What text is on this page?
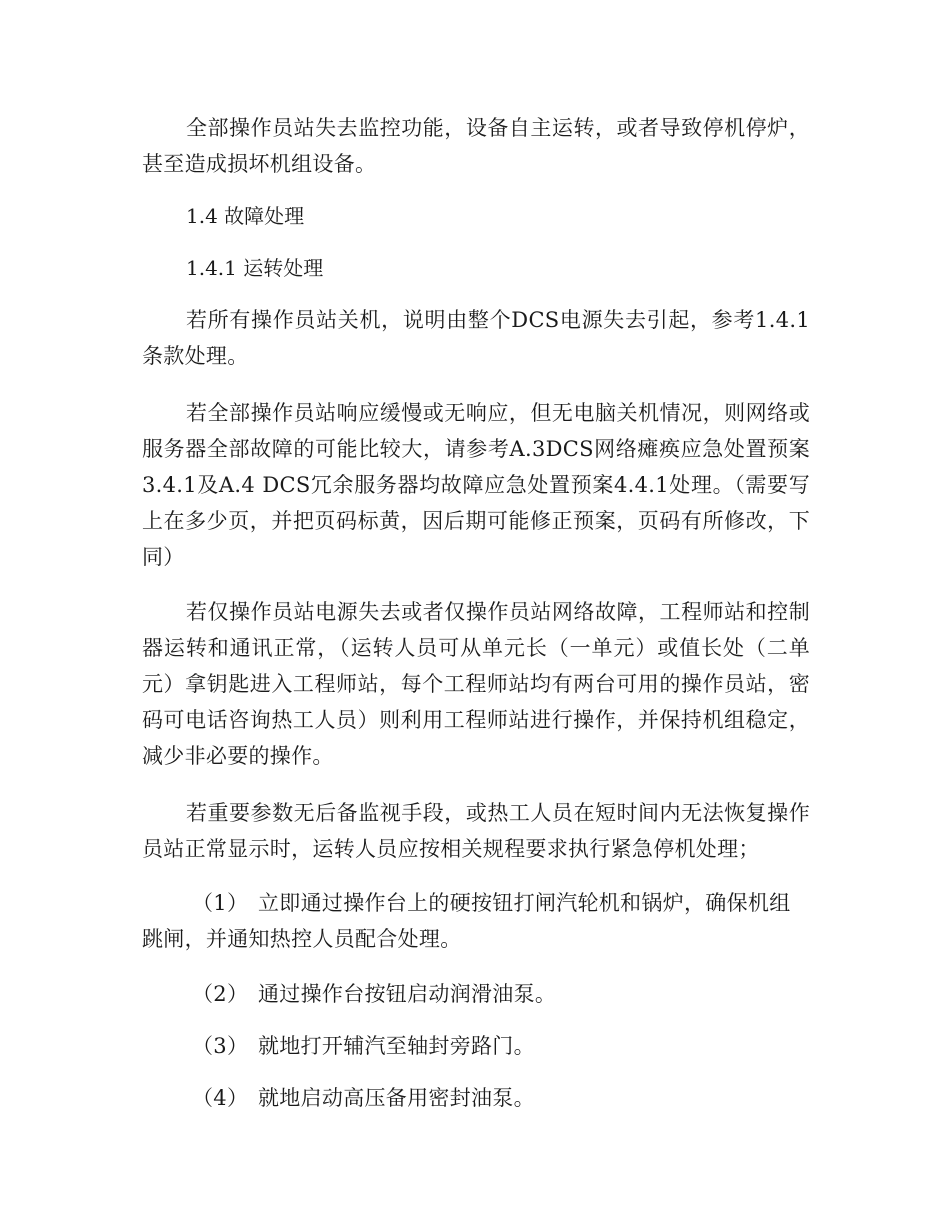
全部操作员站失去监控功能，设备自主运转，或者导致停机停炉，甚至造成损坏机组设备。

1.4 故障处理

1.4.1 运转处理

若所有操作员站关机，说明由整个DCS电源失去引起，参考1.4.1条款处理。

若全部操作员站响应缓慢或无响应，但无电脑关机情况，则网络或服务器全部故障的可能比较大，请参考A.3DCS网络瘫痪应急处置预案3.4.1及A.4 DCS冗余服务器均故障应急处置预案4.4.1处理。（需要写上在多少页，并把页码标黄，因后期可能修正预案，页码有所修改，下同）

若仅操作员站电源失去或者仅操作员站网络故障，工程师站和控制器运转和通讯正常，（运转人员可从单元长（一单元）或值长处（二单元）拿钥匙进入工程师站，每个工程师站均有两台可用的操作员站，密码可电话咨询热工人员）则利用工程师站进行操作，并保持机组稳定，减少非必要的操作。

若重要参数无后备监视手段，或热工人员在短时间内无法恢复操作员站正常显示时，运转人员应按相关规程要求执行紧急停机处理；

（1） 立即通过操作台上的硬按钮打闸汽轮机和锅炉，确保机组跳闸，并通知热控人员配合处理。

（2） 通过操作台按钮启动润滑油泵。

（3） 就地打开辅汽至轴封旁路门。

（4） 就地启动高压备用密封油泵。
